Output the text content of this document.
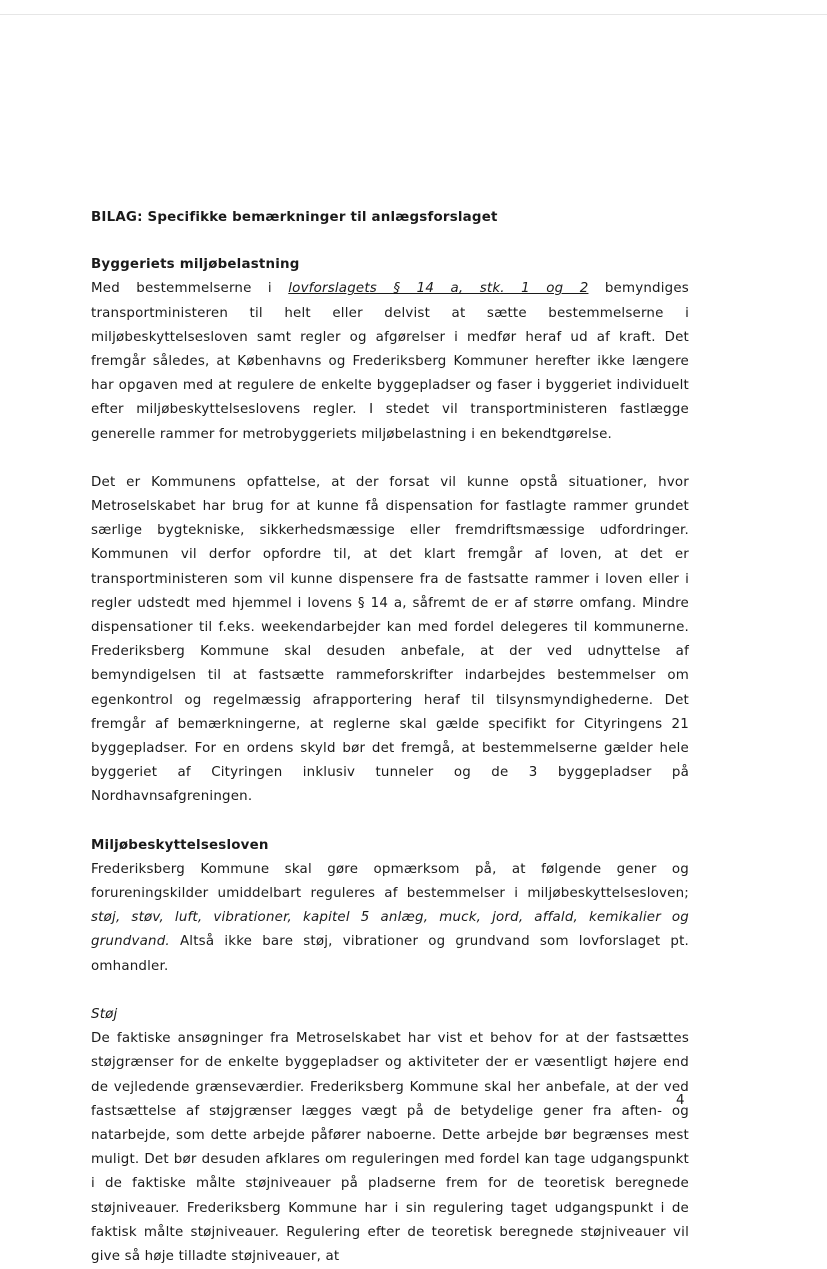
BILAG: Specifikke bemærkninger til anlægsforslaget
Byggeriets miljøbelastning

Med bestemmelserne i lovforslagets § 14 a, stk. 1 og 2 bemyndiges transportministeren til helt eller delvist at sætte bestemmelserne i miljøbeskyttelsesloven samt regler og afgørelser i medfør heraf ud af kraft. Det fremgår således, at Københavns og Frederiksberg Kommuner herefter ikke længere har opgaven med at regulere de enkelte byggepladser og faser i byggeriet individuelt efter miljøbeskyttelseslovens regler. I stedet vil transportministeren fastlægge generelle rammer for metrobyggeriets miljøbelastning i en bekendtgørelse.

Det er Kommunens opfattelse, at der forsat vil kunne opstå situationer, hvor Metroselskabet har brug for at kunne få dispensation for fastlagte rammer grundet særlige bygtekniske, sikkerhedsmæssige eller fremdriftsmæssige udfordringer. Kommunen vil derfor opfordre til, at det klart fremgår af loven, at det er transportministeren som vil kunne dispensere fra de fastsatte rammer i loven eller i regler udstedt med hjemmel i lovens § 14 a, såfremt de er af større omfang. Mindre dispensationer til f.eks. weekendarbejder kan med fordel delegeres til kommunerne. Frederiksberg Kommune skal desuden anbefale, at der ved udnyttelse af bemyndigelsen til at fastsætte rammeforskrifter indarbejdes bestemmelser om egenkontrol og regelmæssig afrapportering heraf til tilsynsmyndighederne. Det fremgår af bemærkningerne, at reglerne skal gælde specifikt for Cityringens 21 byggepladser. For en ordens skyld bør det fremgå, at bestemmelserne gælder hele byggeriet af Cityringen inklusiv tunneler og de 3 byggepladser på Nordhavnsafgreningen.

Miljøbeskyttelsesloven

Frederiksberg Kommune skal gøre opmærksom på, at følgende gener og forureningskilder umiddelbart reguleres af bestemmelser i miljøbeskyttelsesloven; støj, støv, luft, vibrationer, kapitel 5 anlæg, muck, jord, affald, kemikalier og grundvand. Altså ikke bare støj, vibrationer og grundvand som lovforslaget pt. omhandler.

Støj

De faktiske ansøgninger fra Metroselskabet har vist et behov for at der fastsættes støjgrænser for de enkelte byggepladser og aktiviteter der er væsentligt højere end de vejledende grænseværdier. Frederiksberg Kommune skal her anbefale, at der ved fastsættelse af støjgrænser lægges vægt på de betydelige gener fra aften- og natarbejde, som dette arbejde påfører naboerne. Dette arbejde bør begrænses mest muligt. Det bør desuden afklares om reguleringen med fordel kan tage udgangspunkt i de faktiske målte støjniveauer på pladserne frem for de teoretisk beregnede støjniveauer. Frederiksberg Kommune har i sin regulering taget udgangspunkt i de faktisk målte støjniveauer. Regulering efter de teoretisk beregnede støjniveauer vil give så høje tilladte støjniveauer, at

4
